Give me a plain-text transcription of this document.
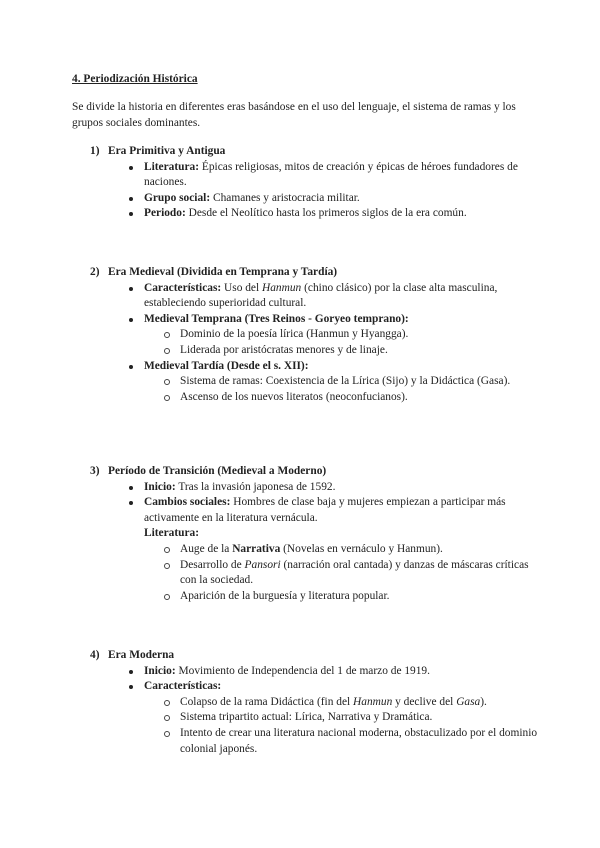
4. Periodización Histórica
Se divide la historia en diferentes eras basándose en el uso del lenguaje, el sistema de ramas y los grupos sociales dominantes.
1) Era Primitiva y Antigua
Literatura: Épicas religiosas, mitos de creación y épicas de héroes fundadores de naciones.
Grupo social: Chamanes y aristocracia militar.
Periodo: Desde el Neolítico hasta los primeros siglos de la era común.
2) Era Medieval (Dividida en Temprana y Tardía)
Características: Uso del Hanmun (chino clásico) por la clase alta masculina, estableciendo superioridad cultural.
Medieval Temprana (Tres Reinos - Goryeo temprano):
Dominio de la poesía lírica (Hanmun y Hyangga).
Liderada por aristócratas menores y de linaje.
Medieval Tardía (Desde el s. XII):
Sistema de ramas: Coexistencia de la Lírica (Sijo) y la Didáctica (Gasa).
Ascenso de los nuevos literatos (neoconfucianos).
3) Período de Transición (Medieval a Moderno)
Inicio: Tras la invasión japonesa de 1592.
Cambios sociales: Hombres de clase baja y mujeres empiezan a participar más activamente en la literatura vernácula.
Literatura:
Auge de la Narrativa (Novelas en vernáculo y Hanmun).
Desarrollo de Pansori (narración oral cantada) y danzas de máscaras críticas con la sociedad.
Aparición de la burguesía y literatura popular.
4) Era Moderna
Inicio: Movimiento de Independencia del 1 de marzo de 1919.
Características:
Colapso de la rama Didáctica (fin del Hanmun y declive del Gasa).
Sistema tripartito actual: Lírica, Narrativa y Dramática.
Intento de crear una literatura nacional moderna, obstaculizado por el dominio colonial japonés.
